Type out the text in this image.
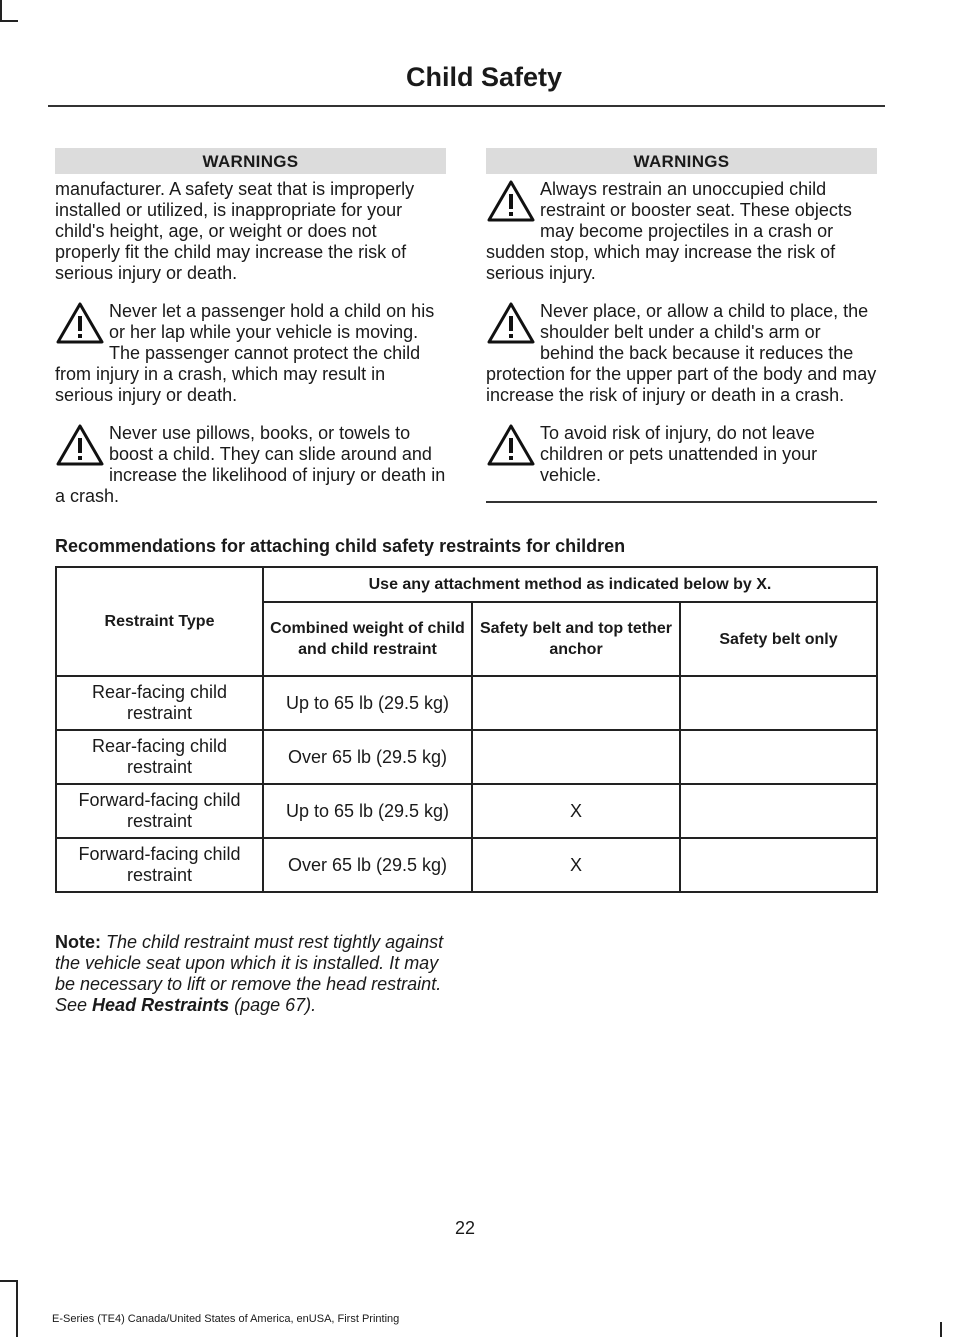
Child Safety
WARNINGS
manufacturer. A safety seat that is improperly installed or utilized, is inappropriate for your child's height, age, or weight or does not properly fit the child may increase the risk of serious injury or death.
Never let a passenger hold a child on his or her lap while your vehicle is moving. The passenger cannot protect the child from injury in a crash, which may result in serious injury or death.
Never use pillows, books, or towels to boost a child. They can slide around and increase the likelihood of injury or death in a crash.
WARNINGS
Always restrain an unoccupied child restraint or booster seat. These objects may become projectiles in a crash or sudden stop, which may increase the risk of serious injury.
Never place, or allow a child to place, the shoulder belt under a child's arm or behind the back because it reduces the protection for the upper part of the body and may increase the risk of injury or death in a crash.
To avoid risk of injury, do not leave children or pets unattended in your vehicle.
Recommendations for attaching child safety restraints for children
Restraint Type	Use any attachment method as indicated below by X.		
	Combined weight of child and child restraint	Safety belt and top tether anchor	Safety belt only
Rear-facing child restraint	Up to 65 lb (29.5 kg)		
Rear-facing child restraint	Over 65 lb (29.5 kg)		
Forward-facing child restraint	Up to 65 lb (29.5 kg)	X	
Forward-facing child restraint	Over 65 lb (29.5 kg)	X	
Note: The child restraint must rest tightly against the vehicle seat upon which it is installed. It may be necessary to lift or remove the head restraint. See Head Restraints (page 67).
22
E-Series (TE4) Canada/United States of America, enUSA, First Printing
